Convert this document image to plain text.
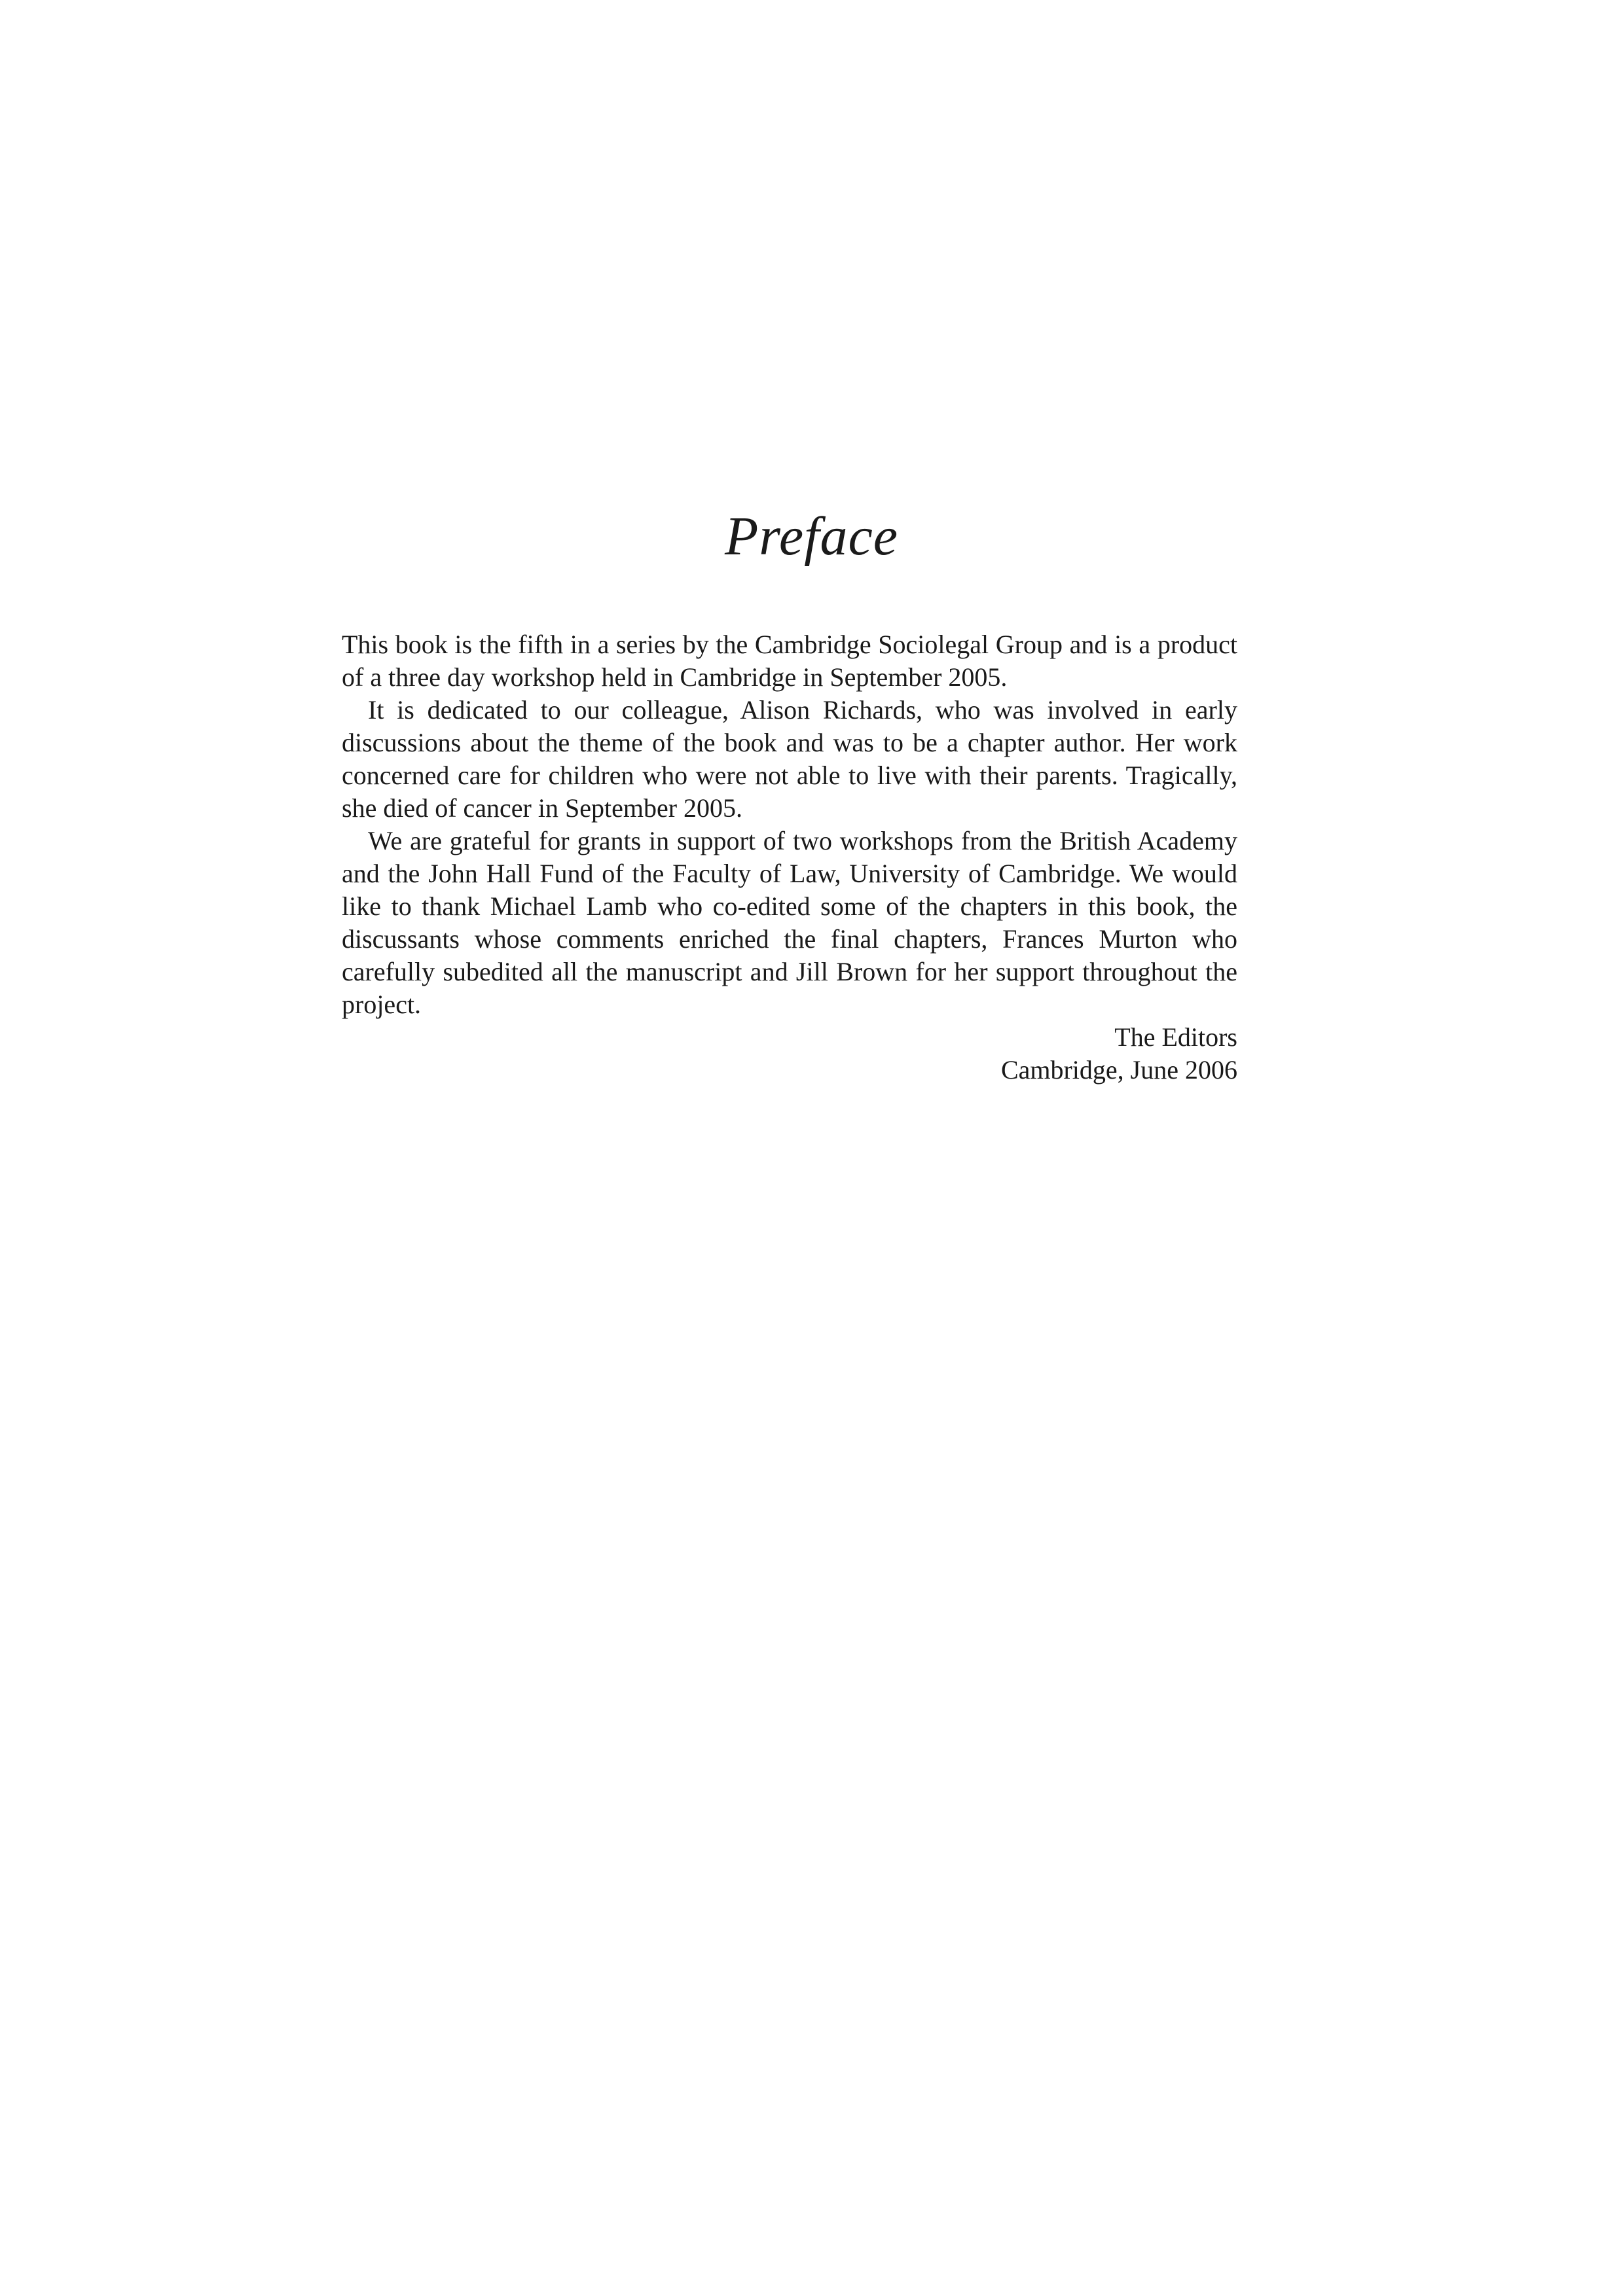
Preface

This book is the fifth in a series by the Cambridge Sociolegal Group and is a product of a three day workshop held in Cambridge in September 2005.

It is dedicated to our colleague, Alison Richards, who was involved in early discussions about the theme of the book and was to be a chapter author. Her work concerned care for children who were not able to live with their parents. Tragically, she died of cancer in September 2005.

We are grateful for grants in support of two workshops from the British Academy and the John Hall Fund of the Faculty of Law, University of Cambridge. We would like to thank Michael Lamb who co-edited some of the chapters in this book, the discussants whose comments enriched the final chapters, Frances Murton who carefully subedited all the manuscript and Jill Brown for her support throughout the project.

The Editors

Cambridge, June 2006
